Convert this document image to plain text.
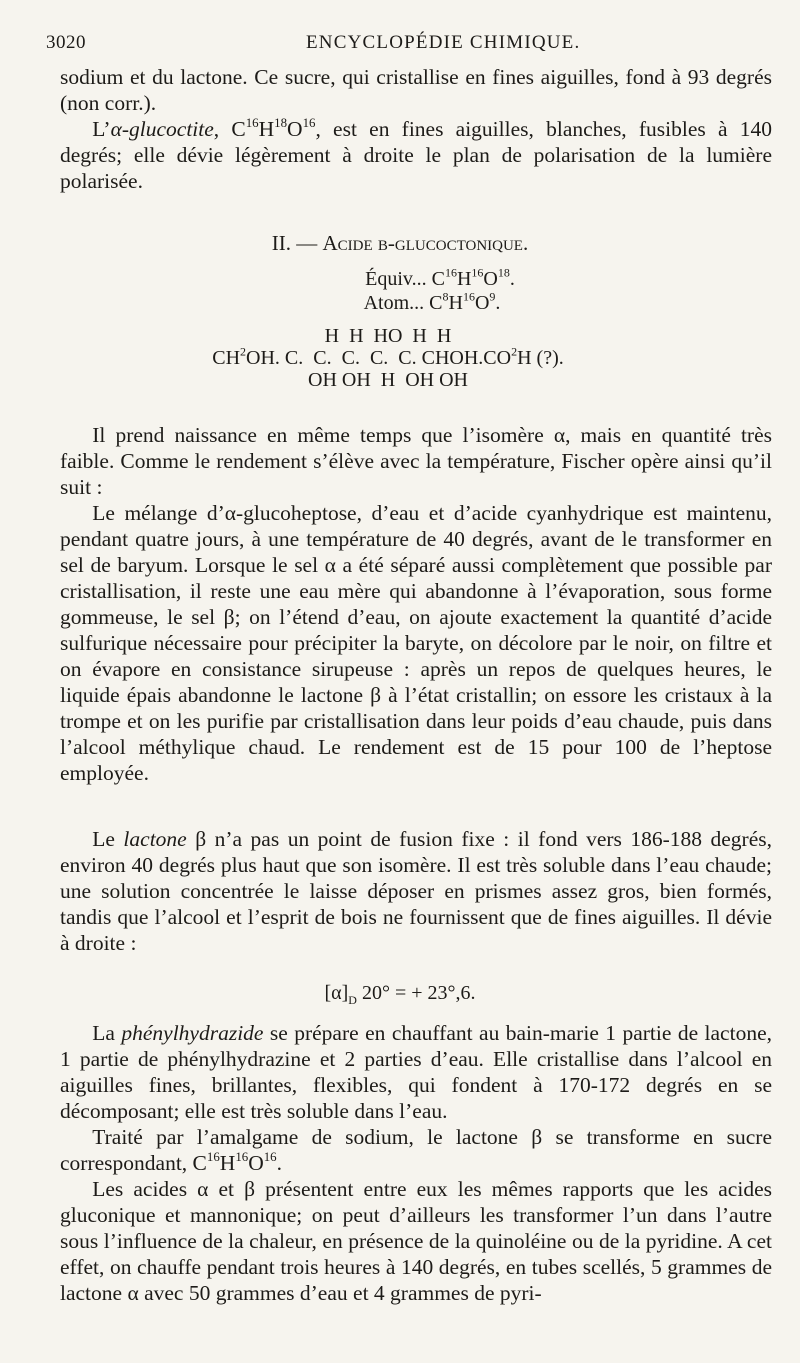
3020	ENCYCLOPÉDIE CHIMIQUE.

sodium et du lactone. Ce sucre, qui cristallise en fines aiguilles, fond à 93 degrés (non corr.).

L’α-glucoctite, $C^{16}H^{18}O^{16}$, est en fines aiguilles, blanches, fusibles à 140 degrés; elle dévie légèrement à droite le plan de polarisation de la lumière polarisée.

II. — Acide β-glucoctonique.
Équiv... $C^{16}H^{16}O^{18}$.
Atom... $C^8H^{16}O^9$.
H  H  HO  H  H
$CH^2OH$. C.  C.  C.  C.  C. $CHOH.CO^2H$ (?).
OH OH  H  OH OH

Il prend naissance en même temps que l’isomère α, mais en quantité très faible. Comme le rendement s’élève avec la température, Fischer opère ainsi qu’il suit :

Le mélange d’α-glucoheptose, d’eau et d’acide cyanhydrique est maintenu, pendant quatre jours, à une température de 40 degrés, avant de le transformer en sel de baryum. Lorsque le sel α a été séparé aussi complètement que possible par cristallisation, il reste une eau mère qui abandonne à l’évaporation, sous forme gommeuse, le sel β; on l’étend d’eau, on ajoute exactement la quantité d’acide sulfurique nécessaire pour précipiter la baryte, on décolore par le noir, on filtre et on évapore en consistance sirupeuse : après un repos de quelques heures, le liquide épais abandonne le lactone β à l’état cristallin; on essore les cristaux à la trompe et on les purifie par cristallisation dans leur poids d’eau chaude, puis dans l’alcool méthylique chaud. Le rendement est de 15 pour 100 de l’heptose employée.

Le lactone β n’a pas un point de fusion fixe : il fond vers 186-188 degrés, environ 40 degrés plus haut que son isomère. Il est très soluble dans l’eau chaude; une solution concentrée le laisse déposer en prismes assez gros, bien formés, tandis que l’alcool et l’esprit de bois ne fournissent que de fines aiguilles. Il dévie à droite :

$[\alpha]_D$ 20° = + 23°,6.

La phénylhydrazide se prépare en chauffant au bain-marie 1 partie de lactone, 1 partie de phénylhydrazine et 2 parties d’eau. Elle cristallise dans l’alcool en aiguilles fines, brillantes, flexibles, qui fondent à 170-172 degrés en se décomposant; elle est très soluble dans l’eau.

Traité par l’amalgame de sodium, le lactone β se transforme en sucre correspondant, $C^{16}H^{16}O^{16}$.

Les acides α et β présentent entre eux les mêmes rapports que les acides gluconique et mannonique; on peut d’ailleurs les transformer l’un dans l’autre sous l’influence de la chaleur, en présence de la quinoléine ou de la pyridine. A cet effet, on chauffe pendant trois heures à 140 degrés, en tubes scellés, 5 grammes de lactone α avec 50 grammes d’eau et 4 grammes de pyri-
